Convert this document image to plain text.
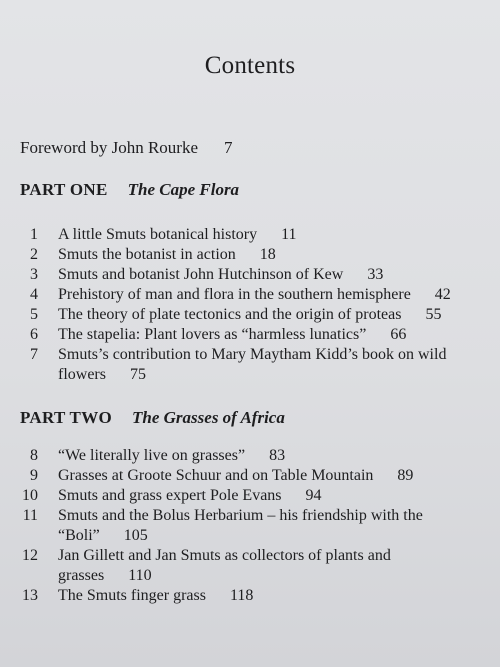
Contents
Foreword by John Rourke 7
PART ONE The Cape Flora
1 A little Smuts botanical history 11
2 Smuts the botanist in action 18
3 Smuts and botanist John Hutchinson of Kew 33
4 Prehistory of man and flora in the southern hemisphere 42
5 The theory of plate tectonics and the origin of proteas 55
6 The stapelia: Plant lovers as “harmless lunatics” 66
7 Smuts’s contribution to Mary Maytham Kidd’s book on wild
flowers 75
PART TWO The Grasses of Africa
8 “We literally live on grasses” 83
9 Grasses at Groote Schuur and on Table Mountain 89
10 Smuts and grass expert Pole Evans 94
11 Smuts and the Bolus Herbarium – his friendship with the
“Boli” 105
12 Jan Gillett and Jan Smuts as collectors of plants and
grasses 110
13 The Smuts finger grass 118
